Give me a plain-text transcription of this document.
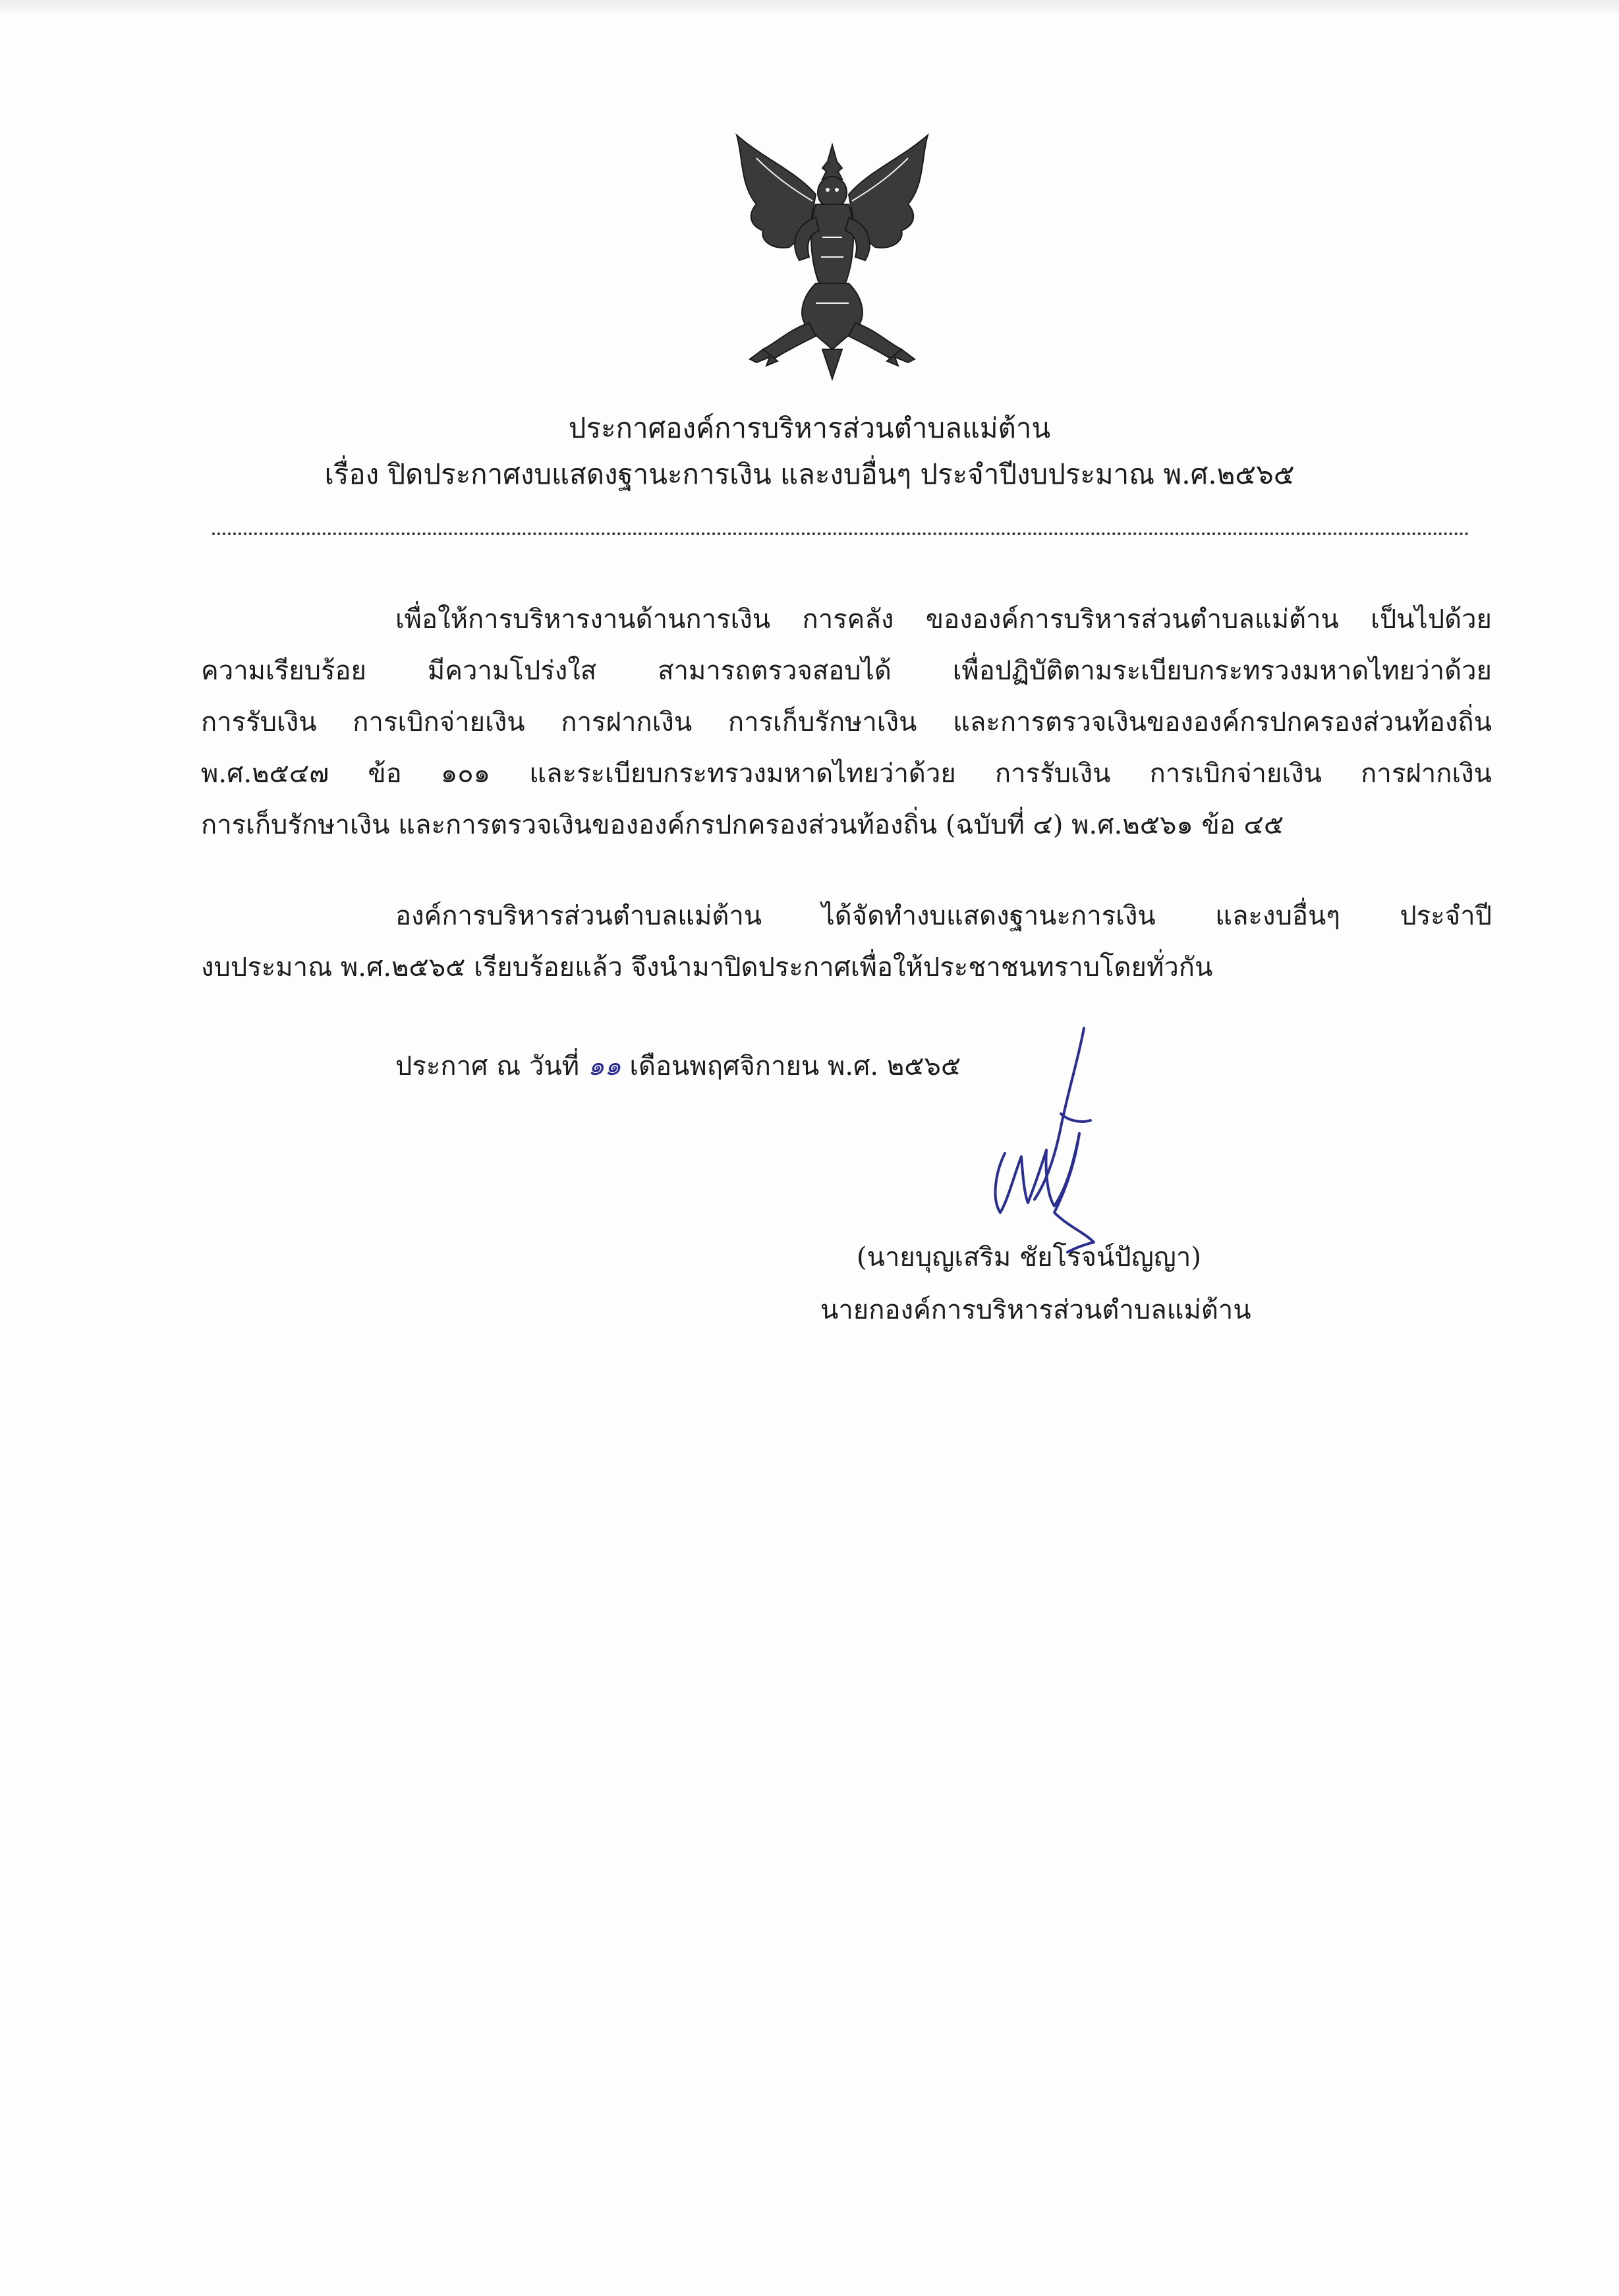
ประกาศองค์การบริหารส่วนตำบลแม่ต้าน
เรื่อง ปิดประกาศงบแสดงฐานะการเงิน และงบอื่นๆ ประจำปีงบประมาณ พ.ศ.๒๕๖๕
เพื่อให้การบริหารงานด้านการเงิน การคลัง ขององค์การบริหารส่วนตำบลแม่ต้าน เป็นไปด้วย
ความเรียบร้อย มีความโปร่งใส สามารถตรวจสอบได้ เพื่อปฏิบัติตามระเบียบกระทรวงมหาดไทยว่าด้วย
การรับเงิน การเบิกจ่ายเงิน การฝากเงิน การเก็บรักษาเงิน และการตรวจเงินขององค์กรปกครองส่วนท้องถิ่น
พ.ศ.๒๕๔๗ ข้อ ๑๐๑ และระเบียบกระทรวงมหาดไทยว่าด้วย การรับเงิน การเบิกจ่ายเงิน การฝากเงิน
การเก็บรักษาเงิน และการตรวจเงินขององค์กรปกครองส่วนท้องถิ่น (ฉบับที่ ๔) พ.ศ.๒๕๖๑ ข้อ ๔๕
องค์การบริหารส่วนตำบลแม่ต้าน ได้จัดทำงบแสดงฐานะการเงิน และงบอื่นๆ ประจำปี
งบประมาณ พ.ศ.๒๕๖๕ เรียบร้อยแล้ว จึงนำมาปิดประกาศเพื่อให้ประชาชนทราบโดยทั่วกัน
ประกาศ ณ วันที่ ๑๑ เดือนพฤศจิกายน พ.ศ. ๒๕๖๕
(นายบุญเสริม ชัยโรจน์ปัญญา)
นายกองค์การบริหารส่วนตำบลแม่ต้าน
